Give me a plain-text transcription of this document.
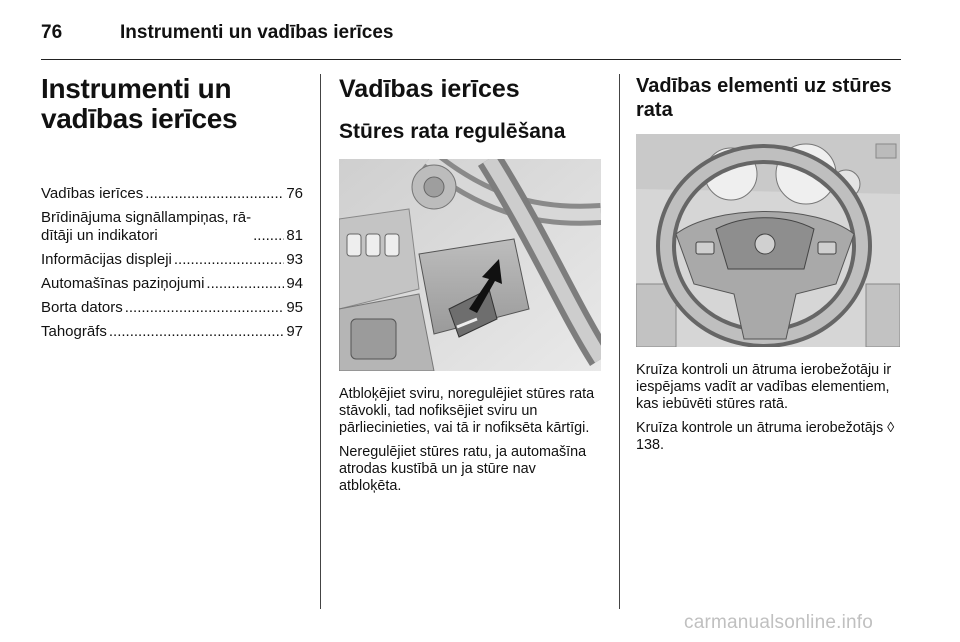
76	Instrumenti un vadības ierīces
Instrumenti un vadības ierīces
Vadības ierīces .....	76
Brīdinājuma signāllampiņas, rā-
dītāji un indikatori .....	81
Informācijas displeji .....	93
Automašīnas paziņojumi .....	94
Borta dators .....	95
Tahogrāfs .....	97
Vadības ierīces
Stūres rata regulēšana

Atbloķējiet sviru, noregulējiet stūres rata stāvokli, tad nofiksējiet sviru un pārliecinieties, vai tā ir nofiksēta kārtīgi.

Neregulējiet stūres ratu, ja automašīna atrodas kustībā un ja stūre nav atbloķēta.

Vadības elementi uz stūres rata

Kruīza kontroli un ātruma ierobežotāju ir iespējams vadīt ar vadības elementiem, kas iebūvēti stūres ratā.

Kruīza kontrole un ātruma ierobežotājs ◊ 138.

carmanualsonline.info
